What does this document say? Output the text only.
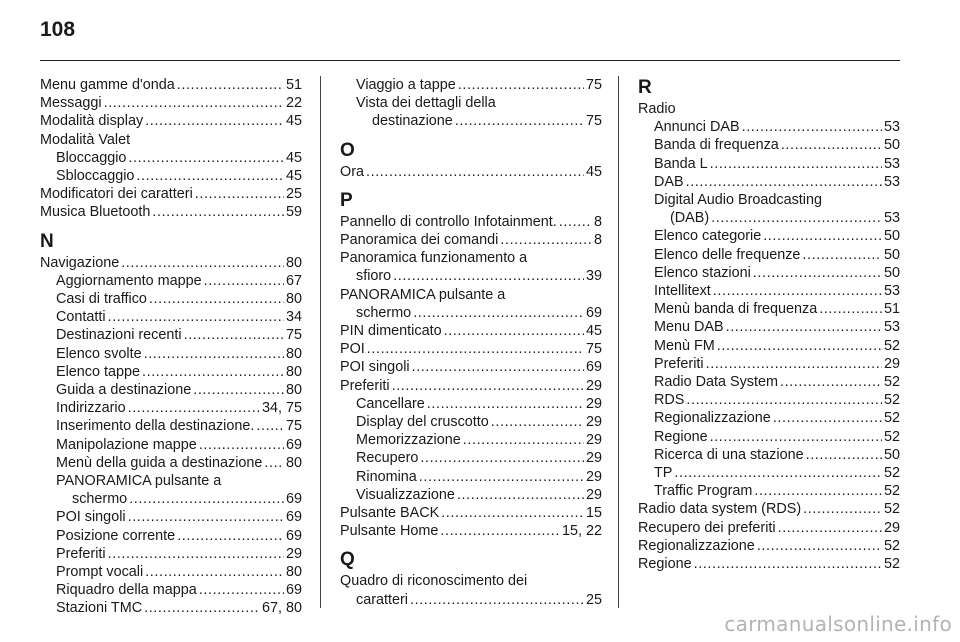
108
Menu gamme d'onda .....	51
Messaggi .....	22
Modalità display .....	45
Modalità Valet
Bloccaggio .....	45
Sbloccaggio .....	45
Modificatori dei caratteri .....	25
Musica Bluetooth .....	59
N
Navigazione .....	80
Aggiornamento mappe .....	67
Casi di traffico .....	80
Contatti .....	34
Destinazioni recenti .....	75
Elenco svolte .....	80
Elenco tappe .....	80
Guida a destinazione .....	80
Indirizzario .....	34, 75
Inserimento della destinazione. ..... 75
Manipolazione mappe .....	69
Menù della guida a destinazione ..... 80
PANORAMICA pulsante a
schermo .....	69
POI singoli .....	69
Posizione corrente .....	69
Preferiti .....	29
Prompt vocali .....	80
Riquadro della mappa .....	69
Stazioni TMC .....	67, 80
Viaggio a tappe .....	75
Vista dei dettagli della
destinazione .....	75
O
Ora .....	45
P
Pannello di controllo Infotainment. .....	8
Panoramica dei comandi .....	8
Panoramica funzionamento a
sfioro .....	39
PANORAMICA pulsante a
schermo .....	69
PIN dimenticato .....	45
POI .....	75
POI singoli .....	69
Preferiti .....	29
Cancellare .....	29
Display del cruscotto .....	29
Memorizzazione .....	29
Recupero .....	29
Rinomina .....	29
Visualizzazione .....	29
Pulsante BACK .....	15
Pulsante Home .....	15, 22
Q
Quadro di riconoscimento dei
caratteri .....	25
R
Radio
Annunci DAB .....	53
Banda di frequenza .....	50
Banda L .....	53
DAB .....	53
Digital Audio Broadcasting
(DAB) .....	53
Elenco categorie .....	50
Elenco delle frequenze .....	50
Elenco stazioni .....	50
Intellitext .....	53
Menù banda di frequenza .....	51
Menu DAB .....	53
Menù FM .....	52
Preferiti .....	29
Radio Data System .....	52
RDS .....	52
Regionalizzazione .....	52
Regione .....	52
Ricerca di una stazione .....	50
TP .....	52
Traffic Program .....	52
Radio data system (RDS) .....	52
Recupero dei preferiti .....	29
Regionalizzazione .....	52
Regione .....	52
carmanualsonline.info
